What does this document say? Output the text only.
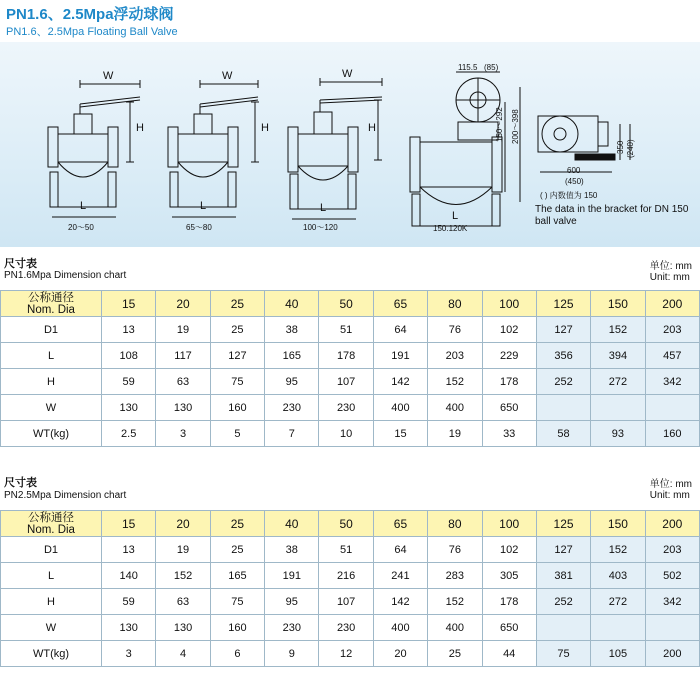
PN1.6、2.5Mpa浮动球阀
PN1.6、2.5Mpa Floating Ball Valve
W
H
L
W
H
L
W
H
L
115.5 (85)
150～292 200～398
L
350 (240)
600
(450)
20～50	65～80	100～120	150.120K
( ) 内数值为 150
The data in the bracket for DN 150 ball valve
尺寸表
PN1.6Mpa Dimension chart
单位: mm
Unit: mm
公称通径
Nom. Dia	15	20	25	40	50	65	80	100	125	150	200
D1	13	19	25	38	51	64	76	102	127	152	203
L	108	117	127	165	178	191	203	229	356	394	457
H	59	63	75	95	107	142	152	178	252	272	342
W	130	130	160	230	230	400	400	650			
WT(kg)	2.5	3	5	7	10	15	19	33	58	93	160
尺寸表
PN2.5Mpa Dimension chart
单位: mm
Unit: mm
公称通径
Nom. Dia	15	20	25	40	50	65	80	100	125	150	200
D1	13	19	25	38	51	64	76	102	127	152	203
L	140	152	165	191	216	241	283	305	381	403	502
H	59	63	75	95	107	142	152	178	252	272	342
W	130	130	160	230	230	400	400	650			
WT(kg)	3	4	6	9	12	20	25	44	75	105	200
